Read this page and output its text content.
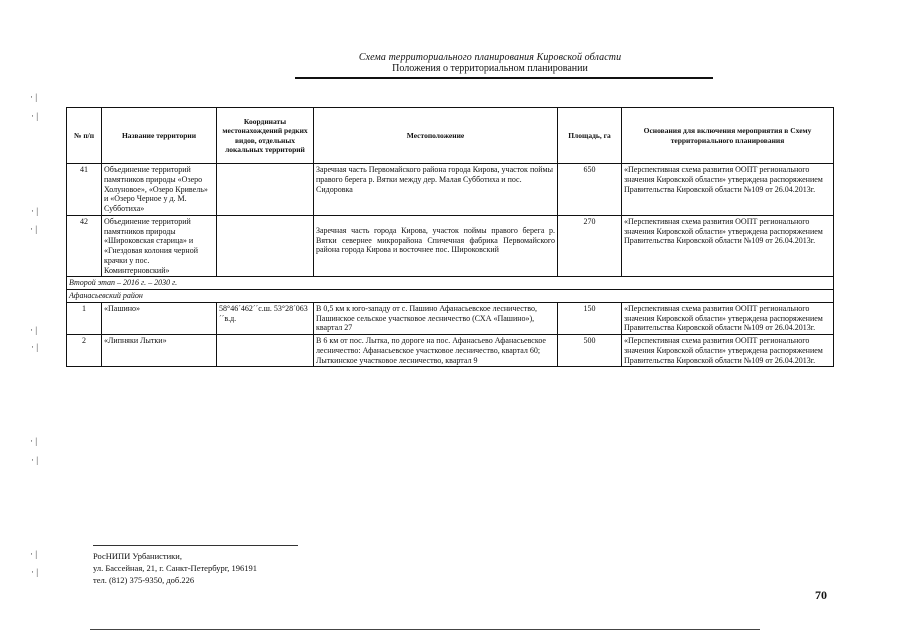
Схема территориального планирования Кировской области
Положения о территориальном планировании
· |
· |
· |
· |
· |
· |
· |
· |
· |
· |
№ п/п	Название территории	Координаты местонахождений редких видов, отдельных локальных территорий	Местоположение	Площадь, га	Основания для включения мероприятия в Схему территориального планирования
41	Объединение территорий памятников природы «Озеро Холуновое», «Озеро Кривель» и «Озеро Черное у д. М. Субботиха»		Заречная часть Первомайского района города Кирова, участок поймы правого берега р. Вятки между дер. Малая Субботиха и пос. Сидоровка	650	«Перспективная схема развития ООПТ регионального значения Кировской области» утверждена распоряжением Правительства Кировской области №109 от 26.04.2013г.
42	Объединение территорий памятников природы «Широковская старица» и «Гнездовая колония черной крачки у пос. Коминтерновский»		Заречная часть города Кирова, участок поймы правого берега р. Вятки севернее микрорайона Спичечная фабрика Первомайского района города Кирова и восточнее пос. Широковский	270	«Перспективная схема развития ООПТ регионального значения Кировской области» утверждена распоряжением Правительства Кировской области №109 от 26.04.2013г.
Второй этап – 2016 г. – 2030 г.					
Афанасьевский район					
1	«Пашино»	58°46´462´´с.ш. 53°28´063´´в.д.	В 0,5 км к юго-западу от с. Пашино Афанасьевское лесничество, Пашинское сельское участковое лесничество (СХА «Пашино»), квартал 27	150	«Перспективная схема развития ООПТ регионального значения Кировской области» утверждена распоряжением Правительства Кировской области №109 от 26.04.2013г.
2	«Липняки Лытки»		В 6 км от пос. Лытка, по дороге на пос. Афанасьево Афанасьевское лесничество: Афанасьевское участковое лесничество, квартал 60; Лыткинское участковое лесничество, квартал 9	500	«Перспективная схема развития ООПТ регионального значения Кировской области» утверждена распоряжением Правительства Кировской области №109 от 26.04.2013г.
РосНИПИ Урбанистики,
ул. Бассейная, 21, г. Санкт-Петербург, 196191
тел. (812) 375-9350, доб.226
70
